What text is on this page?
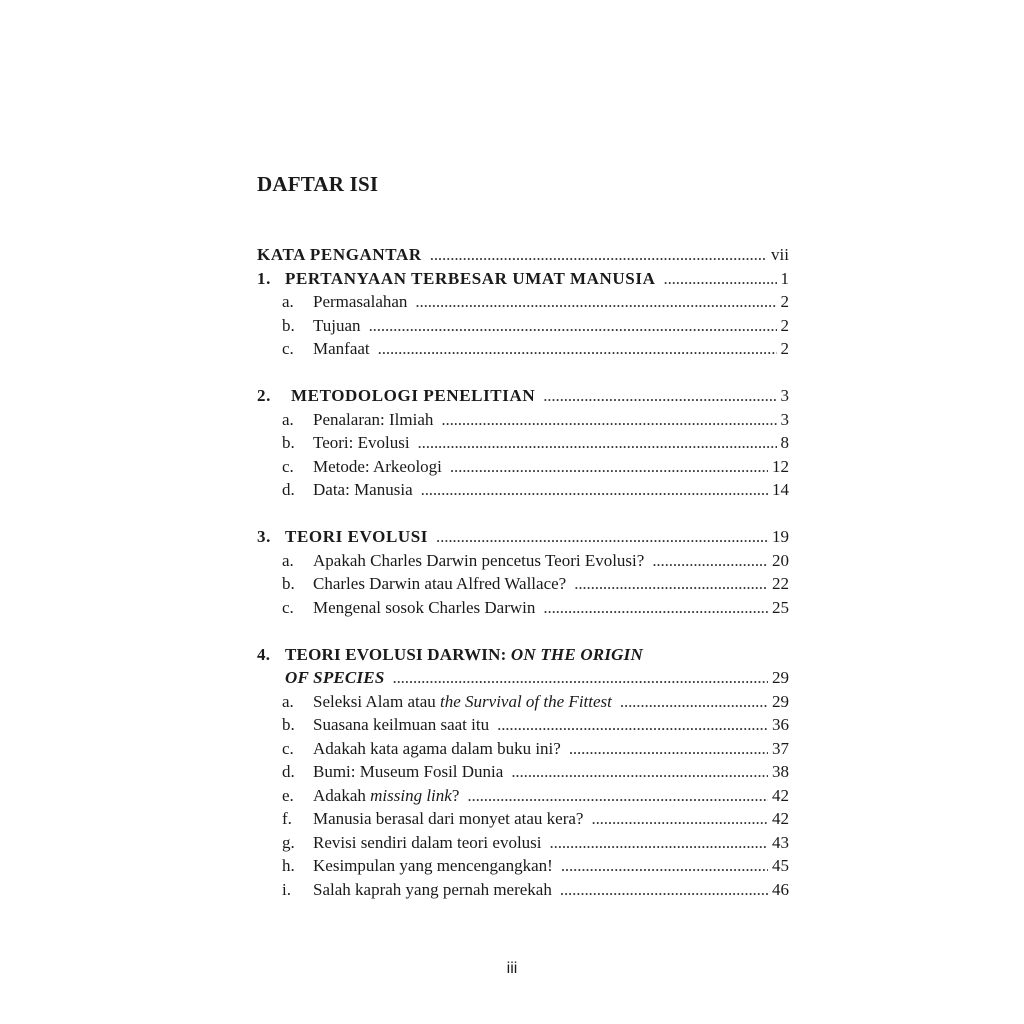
DAFTAR ISI
KATA PENGANTAR . . .	vii
1. PERTANYAAN TERBESAR UMAT MANUSIA . . .	1
a.	Permasalahan . . .	2
b.	Tujuan . . .	2
c.	Manfaat . . .	2
2.	METODOLOGI PENELITIAN . . .	3
a.	Penalaran: Ilmiah . . .	3
b.	Teori: Evolusi . . .	8
c.	Metode: Arkeologi . . .	12
d.	Data: Manusia . . .	14
3. TEORI EVOLUSI . . .	19
a.	Apakah Charles Darwin pencetus Teori Evolusi? . . .	20
b.	Charles Darwin atau Alfred Wallace? . . .	22
c.	Mengenal sosok Charles Darwin . . .	25
4. TEORI EVOLUSI DARWIN: ON THE ORIGIN
OF SPECIES . . .	29
a.	Seleksi Alam atau the Survival of the Fittest . . .	29
b.	Suasana keilmuan saat itu . . .	36
c.	Adakah kata agama dalam buku ini? . . .	37
d.	Bumi: Museum Fosil Dunia . . .	38
e.	Adakah missing link? . . .	42
f.	Manusia berasal dari monyet atau kera? . . .	42
g.	Revisi sendiri dalam teori evolusi . . .	43
h.	Kesimpulan yang mencengangkan! . . .	45
i.	Salah kaprah yang pernah merekah . . .	46
iii
